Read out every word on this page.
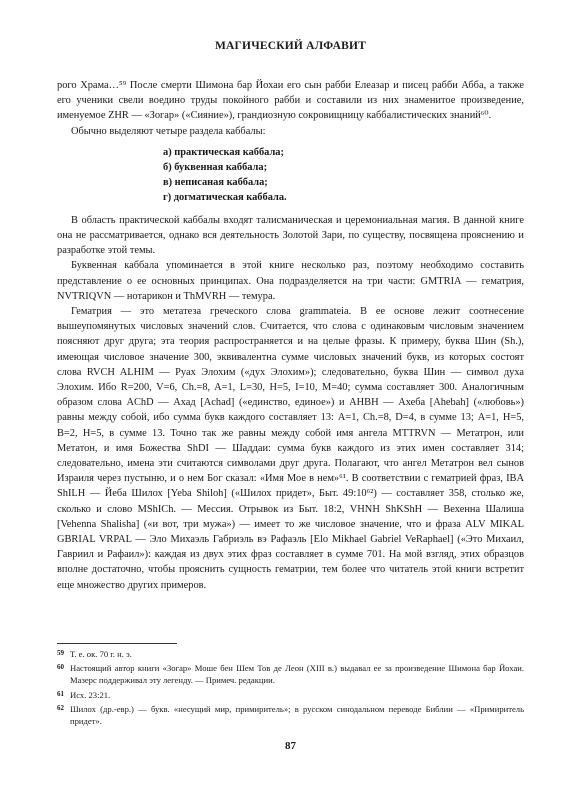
МАГИЧЕСКИЙ АЛФАВИТ

рого Храма…⁵⁹ После смерти Шимона бар Йохаи его сын рабби Елеазар и писец рабби Абба, а также его ученики свели воедино труды покойного рабби и составили из них знаменитое произведение, именуемое ZHR — «Зогар» («Сияние»), грандиозную сокровищницу каббалистических знаний⁶⁰.

Обычно выделяют четыре раздела каббалы:

а) практическая каббала;
б) буквенная каббала;
в) неписаная каббала;
г) догматическая каббала.

В область практической каббалы входят талисманическая и церемониальная магия. В данной книге она не рассматривается, однако вся деятельность Золотой Зари, по существу, посвящена прояснению и разработке этой темы.

Буквенная каббала упоминается в этой книге несколько раз, поэтому необходимо составить представление о ее основных принципах. Она подразделяется на три части: GMTRIA — гематрия, NVTRIQVN — нотарикон и ThMVRH — темура.

Гематрия — это метатеза греческого слова grammateia. В ее основе лежит соотнесение вышеупомянутых числовых значений слов. Считается, что слова с одинаковым числовым значением поясняют друг друга; эта теория распространяется и на целые фразы. К примеру, буква Шин (Sh.), имеющая числовое значение 300, эквивалентна сумме числовых значений букв, из которых состоят слова RVCH ALHIM — Руах Элохим («дух Элохим»); следовательно, буква Шин — символ духа Элохим. Ибо R=200, V=6, Ch.=8, A=1, L=30, H=5, I=10, M=40; сумма составляет 300. Аналогичным образом слова AChD — Ахад [Achad] («единство, единое») и AHBH — Ахеба [Ahebah] («любовь») равны между собой, ибо сумма букв каждого составляет 13: A=1, Ch.=8, D=4, в сумме 13; A=1, H=5, B=2, H=5, в сумме 13. Точно так же равны между собой имя ангела MTTRVN — Метатрон, или Метатон, и имя Божества ShDI — Шаддаи: сумма букв каждого из этих имен составляет 314; следовательно, имена эти считаются символами друг друга. Полагают, что ангел Метатрон вел сынов Израиля через пустыню, и о нем Бог сказал: «Имя Мое в нем»⁶¹. В соответствии с гематрией фраз, IBA ShILH — Йеба Шилох [Yeba Shiloh] («Шилох придет», Быт. 49:10⁶²) — составляет 358, столько же, сколько и слово MShICh. — Мессия. Отрывок из Быт. 18:2, VHNH ShKShH — Вехенна Шалиша [Vehenna Shalisha] («и вот, три мужа») — имеет то же числовое значение, что и фраза ALV MIKAL GBRIAL VRPAL — Эло Михаэль Габриэль вэ Рафаэль [Elo Mikhael Gabriel VeRaphael] («Это Михаил, Гавриил и Рафаил»): каждая из двух этих фраз составляет в сумме 701. На мой взгляд, этих образцов вполне достаточно, чтобы прояснить сущность гематрии, тем более что читатель этой книги встретит еще множество других примеров.

59 Т. е. ок. 70 г. н. э.
60 Настоящий автор книги «Зогар» Моше бен Шем Тов де Леон (XIII в.) выдавал ее за произведение Шимона бар Йохаи. Мазерс поддерживал эту легенду. — Примеч. редакции.
61 Исх. 23:21.
62 Шилох (др.-евр.) — букв. «несущий мир, примиритель»; в русском синодальном переводе Библии — «Примиритель придет».
87
